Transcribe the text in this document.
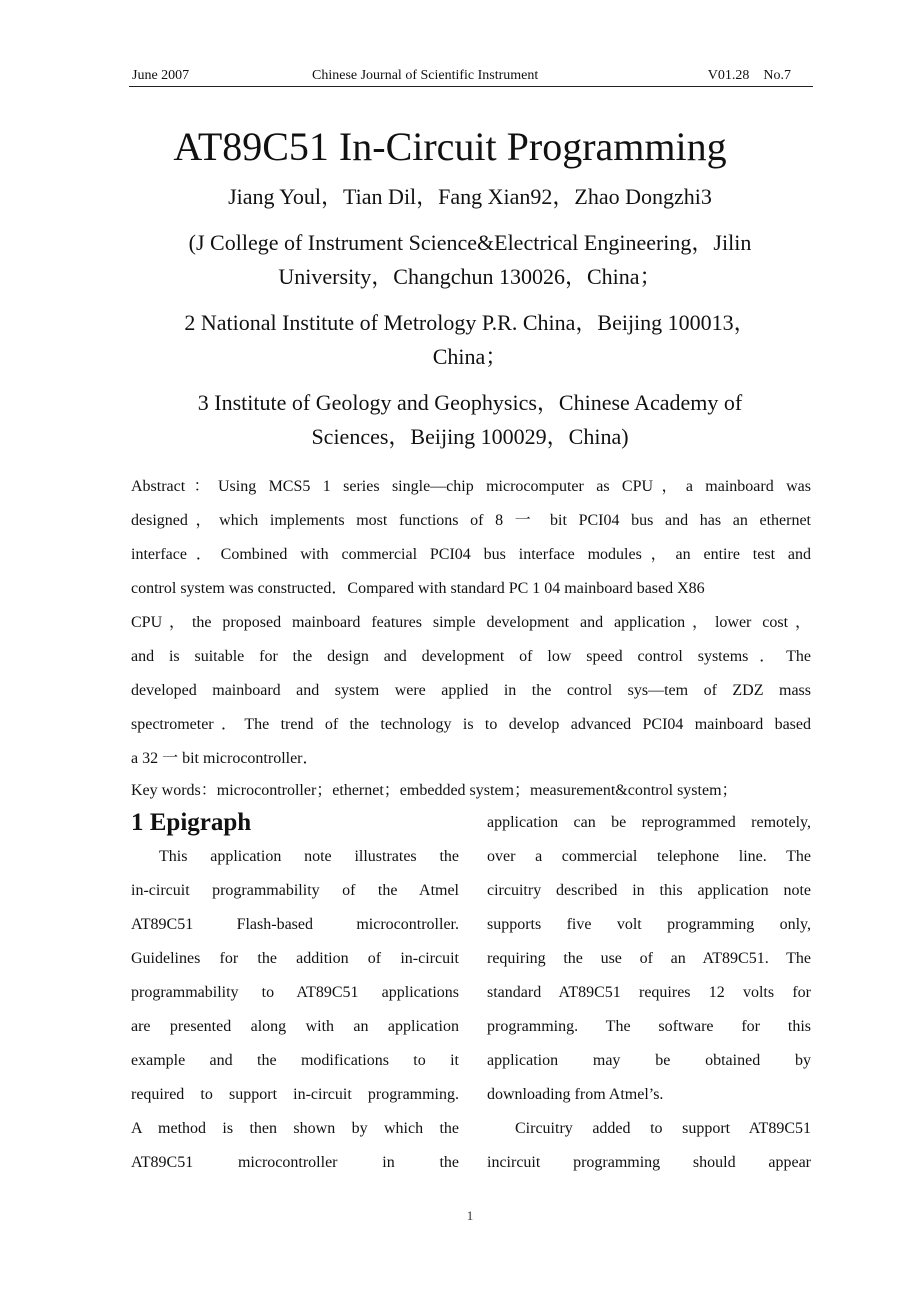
June 2007	Chinese Journal of Scientific Instrument	V01.28　No.7
AT89C51 In-Circuit Programming
Jiang Youl，Tian Dil，Fang Xian92，Zhao Dongzhi3
(J College of Instrument Science&Electrical Engineering，Jilin
University，Changchun 130026，China；
2 National Institute of Metrology P.R. China，Beijing 100013，
China；
3 Institute of Geology and Geophysics，Chinese Academy of
Sciences，Beijing 100029，China)
Abstract：Using MCS5 1 series single—chip microcomputer as CPU，a mainboard was
designed，which implements most functions of 8 一 bit PCI04 bus and has an ethernet
interface．Combined with commercial PCI04 bus interface modules，an entire test and
control system was constructed．Compared with standard PC 1 04 mainboard based X86
CPU，the proposed mainboard features simple development and application，lower cost，
and is suitable for the design and development of low speed control systems．The
developed mainboard and system were applied in the control sys—tem of ZDZ mass
spectrometer．The trend of the technology is to develop advanced PCI04 mainboard based
a 32 一 bit microcontroller．
Key words：microcontroller；ethernet；embedded system；measurement&control system；
1 Epigraph
This application note illustrates the
in-circuit programmability of the Atmel
AT89C51 Flash-based microcontroller.
Guidelines for the addition of in-circuit
programmability to AT89C51 applications
are presented along with an application
example and the modifications to it
required to support in-circuit programming.
A method is then shown by which the
AT89C51 microcontroller in the
application can be reprogrammed remotely,
over a commercial telephone line. The
circuitry described in this application note
supports five volt programming only,
requiring the use of an AT89C51. The
standard AT89C51 requires 12 volts for
programming. The software for this
application may be obtained by
downloading from Atmel’s.
Circuitry added to support AT89C51
incircuit programming should appear
1
